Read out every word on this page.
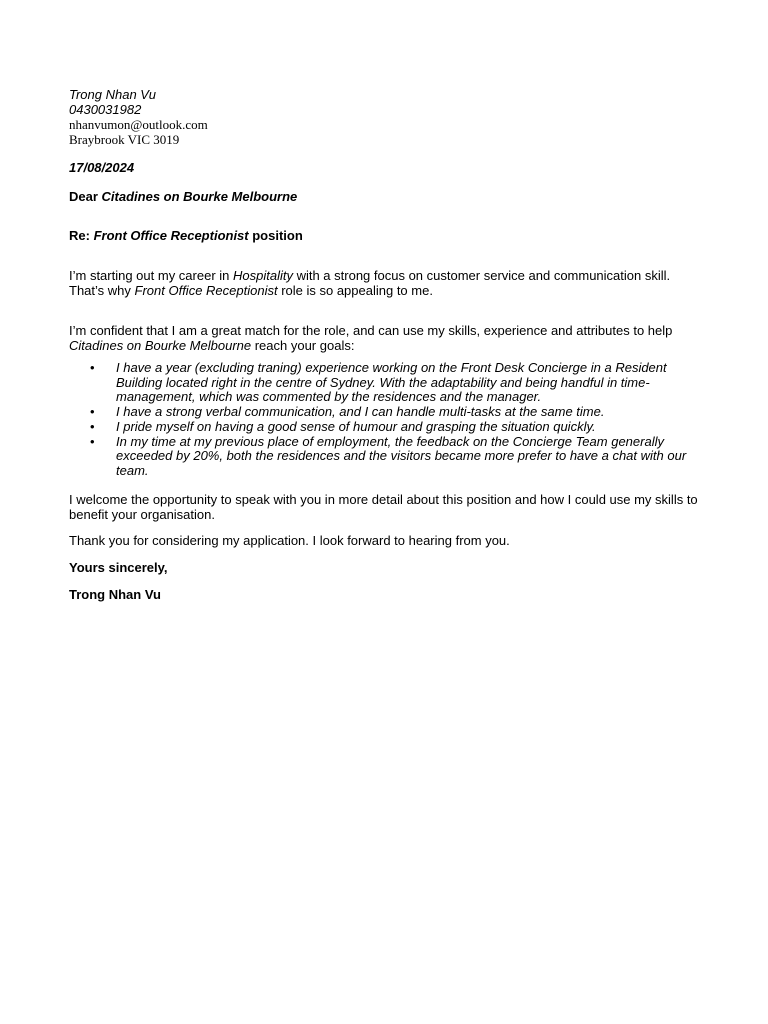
Trong Nhan Vu
0430031982
nhanvumon@outlook.com
Braybrook VIC 3019

17/08/2024

Dear Citadines on Bourke Melbourne

Re: Front Office Receptionist position

I’m starting out my career in Hospitality with a strong focus on customer service and communication skill.
That’s why Front Office Receptionist role is so appealing to me.

I’m confident that I am a great match for the role, and can use my skills, experience and attributes to help
Citadines on Bourke Melbourne reach your goals:

• I have a year (excluding traning) experience working on the Front Desk Concierge in a Resident Building located right in the centre of Sydney. With the adaptability and being handful in time-management, which was commented by the residences and the manager.
• I have a strong verbal communication, and I can handle multi-tasks at the same time.
• I pride myself on having a good sense of humour and grasping the situation quickly.
• In my time at my previous place of employment, the feedback on the Concierge Team generally exceeded by 20%, both the residences and the visitors became more prefer to have a chat with our team.

I welcome the opportunity to speak with you in more detail about this position and how I could use my skills to benefit your organisation.

Thank you for considering my application. I look forward to hearing from you.

Yours sincerely,

Trong Nhan Vu
